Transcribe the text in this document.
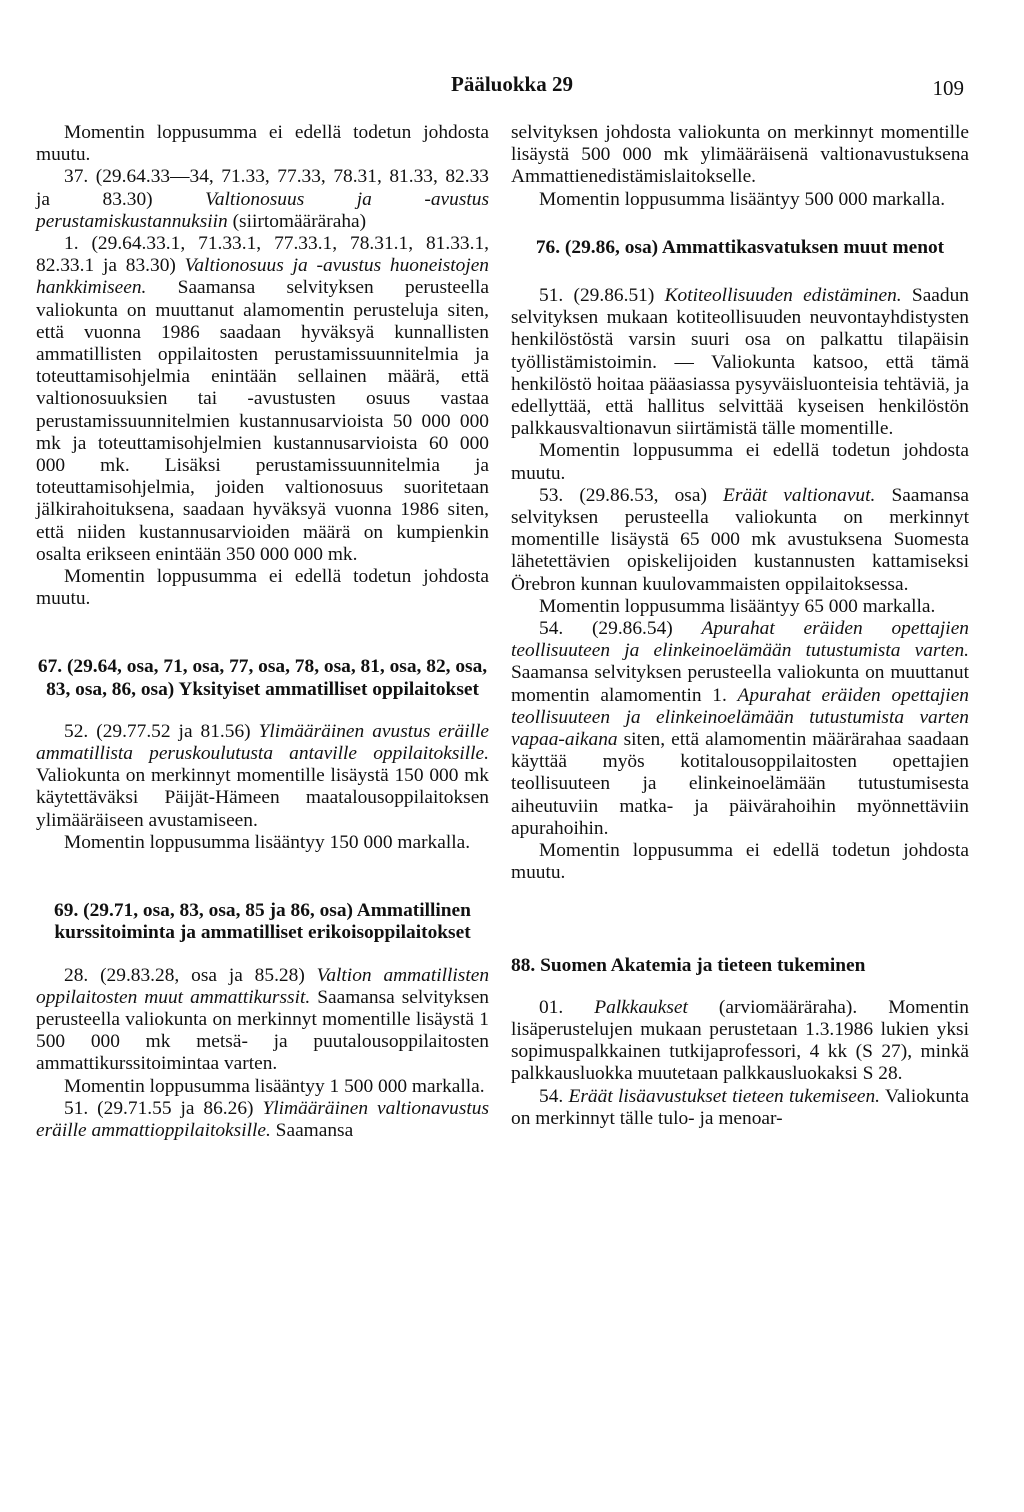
Pääluokka 29	109

Momentin loppusumma ei edellä todetun johdosta muutu.

37. (29.64.33—34, 71.33, 77.33, 78.31, 81.33, 82.33 ja 83.30) Valtionosuus ja -avustus perustamiskustannuksiin (siirtomääräraha)

1. (29.64.33.1, 71.33.1, 77.33.1, 78.31.1, 81.33.1, 82.33.1 ja 83.30) Valtionosuus ja -avustus huoneistojen hankkimiseen. Saamansa selvityksen perusteella valiokunta on muuttanut alamomentin perusteluja siten, että vuonna 1986 saadaan hyväksyä kunnallisten ammatillisten oppilaitosten perustamissuunnitelmia ja toteuttamisohjelmia enintään sellainen määrä, että valtionosuuksien tai -avustusten osuus vastaa perustamissuunnitelmien kustannusarvioista 50 000 000 mk ja toteuttamisohjelmien kustannusarvioista 60 000 000 mk. Lisäksi perustamissuunnitelmia ja toteuttamisohjelmia, joiden valtionosuus suoritetaan jälkirahoituksena, saadaan hyväksyä vuonna 1986 siten, että niiden kustannusarvioiden määrä on kumpienkin osalta erikseen enintään 350 000 000 mk.

Momentin loppusumma ei edellä todetun johdosta muutu.

67. (29.64, osa, 71, osa, 77, osa, 78, osa, 81, osa, 82, osa, 83, osa, 86, osa) Yksityiset ammatilliset oppilaitokset

52. (29.77.52 ja 81.56) Ylimääräinen avustus eräille ammatillista peruskoulutusta antaville oppilaitoksille. Valiokunta on merkinnyt momentille lisäystä 150 000 mk käytettäväksi Päijät-Hämeen maatalousoppilaitoksen ylimääräiseen avustamiseen.

Momentin loppusumma lisääntyy 150 000 markalla.

69. (29.71, osa, 83, osa, 85 ja 86, osa) Ammatillinen kurssitoiminta ja ammatilliset erikoisoppilaitokset

28. (29.83.28, osa ja 85.28) Valtion ammatillisten oppilaitosten muut ammattikurssit. Saamansa selvityksen perusteella valiokunta on merkinnyt momentille lisäystä 1 500 000 mk metsä- ja puutalousoppilaitosten ammattikurssitoimintaa varten.

Momentin loppusumma lisääntyy 1 500 000 markalla.

51. (29.71.55 ja 86.26) Ylimääräinen valtionavustus eräille ammattioppilaitoksille. Saamansa

selvityksen johdosta valiokunta on merkinnyt momentille lisäystä 500 000 mk ylimääräisenä valtionavustuksena Ammattienedistämislaitokselle.

Momentin loppusumma lisääntyy 500 000 markalla.

76. (29.86, osa) Ammattikasvatuksen muut menot

51. (29.86.51) Kotiteollisuuden edistäminen. Saadun selvityksen mukaan kotiteollisuuden neuvontayhdistysten henkilöstöstä varsin suuri osa on palkattu tilapäisin työllistämistoimin. — Valiokunta katsoo, että tämä henkilöstö hoitaa pääasiassa pysyväisluonteisia tehtäviä, ja edellyttää, että hallitus selvittää kyseisen henkilöstön palkkausvaltionavun siirtämistä tälle momentille.

Momentin loppusumma ei edellä todetun johdosta muutu.

53. (29.86.53, osa) Eräät valtionavut. Saamansa selvityksen perusteella valiokunta on merkinnyt momentille lisäystä 65 000 mk avustuksena Suomesta lähetettävien opiskelijoiden kustannusten kattamiseksi Örebron kunnan kuulovammaisten oppilaitoksessa.

Momentin loppusumma lisääntyy 65 000 markalla.

54. (29.86.54) Apurahat eräiden opettajien teollisuuteen ja elinkeinoelämään tutustumista varten. Saamansa selvityksen perusteella valiokunta on muuttanut momentin alamomentin 1. Apurahat eräiden opettajien teollisuuteen ja elinkeinoelämään tutustumista varten vapaa-aikana siten, että alamomentin määrärahaa saadaan käyttää myös kotitalousoppilaitosten opettajien teollisuuteen ja elinkeinoelämään tutustumisesta aiheutuviin matka- ja päivärahoihin myönnettäviin apurahoihin.

Momentin loppusumma ei edellä todetun johdosta muutu.

88. Suomen Akatemia ja tieteen tukeminen

01. Palkkaukset (arviomääräraha). Momentin lisäperustelujen mukaan perustetaan 1.3.1986 lukien yksi sopimuspalkkainen tutkijaprofessori, 4 kk (S 27), minkä palkkausluokka muutetaan palkkausluokaksi S 28.

54. Eräät lisäavustukset tieteen tukemiseen. Valiokunta on merkinnyt tälle tulo- ja menoar-
